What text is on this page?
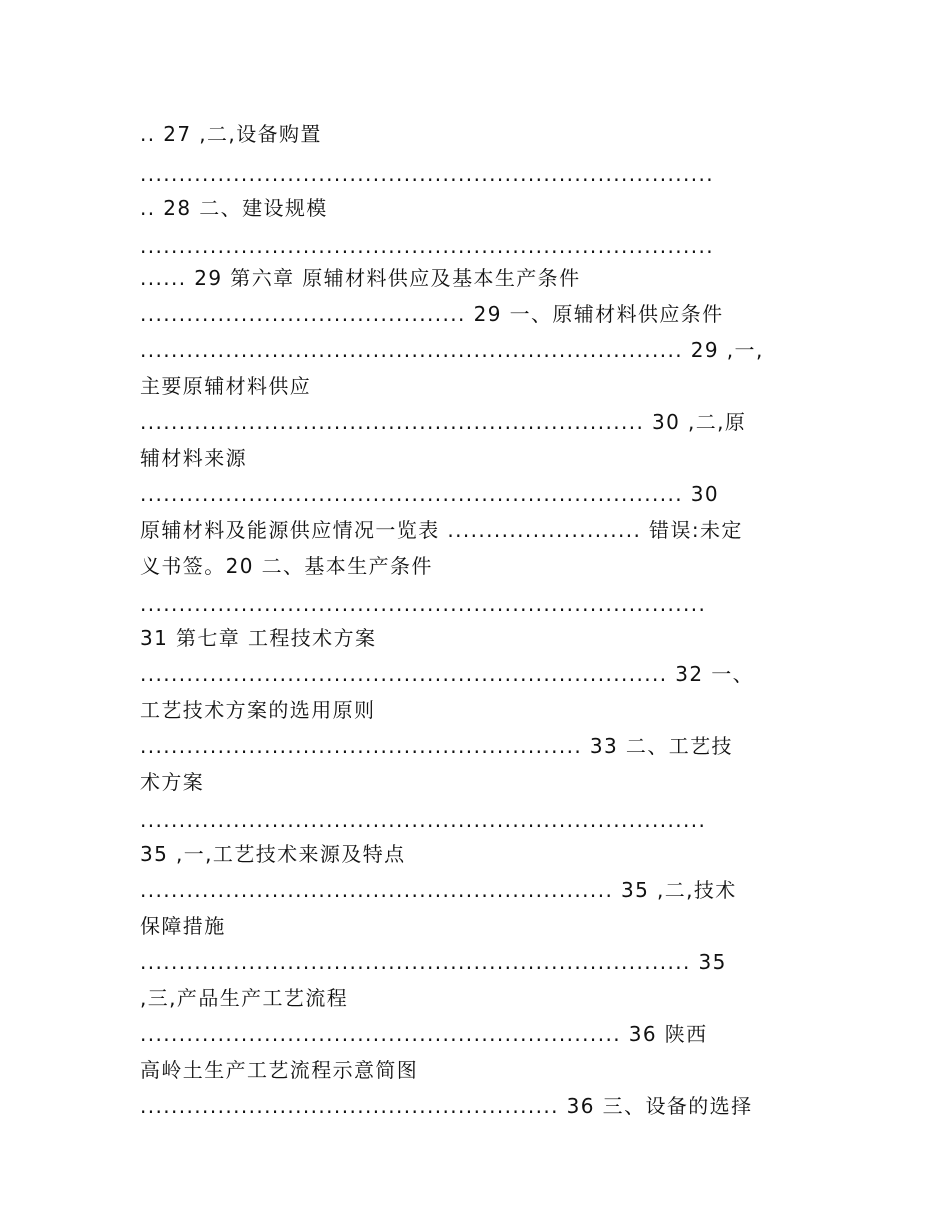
.. 27 ,二,设备购置
..........................................................................
.. 28 二、建设规模
..........................................................................
...... 29 第六章 原辅材料供应及基本生产条件
.......................................... 29 一、原辅材料供应条件
...................................................................... 29 ,一,
主要原辅材料供应
................................................................. 30 ,二,原
辅材料来源
...................................................................... 30
原辅材料及能源供应情况一览表 ......................... 错误:未定
义书签。20 二、基本生产条件
.........................................................................
31 第七章 工程技术方案
.................................................................... 32 一、
工艺技术方案的选用原则
......................................................... 33 二、工艺技
术方案
.........................................................................
35 ,一,工艺技术来源及特点
............................................................. 35 ,二,技术
保障措施
....................................................................... 35
,三,产品生产工艺流程
.............................................................. 36 陕西
高岭土生产工艺流程示意简图
...................................................... 36 三、设备的选择
